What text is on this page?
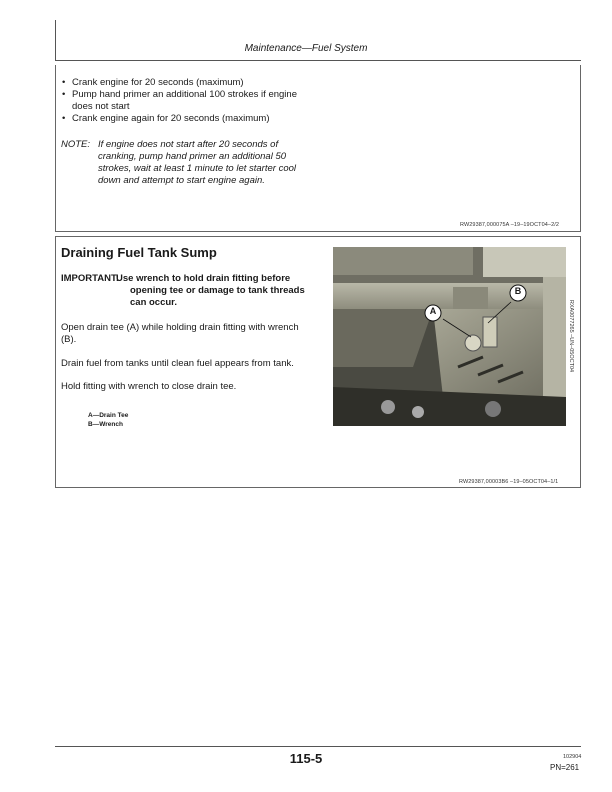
Maintenance—Fuel System
• Crank engine for 20 seconds (maximum)
• Pump hand primer an additional 100 strokes if engine
does not start
• Crank engine again for 20 seconds (maximum)
NOTE: If engine does not start after 20 seconds of
cranking, pump hand primer an additional 50
strokes, wait at least 1 minute to let starter cool
down and attempt to start engine again.
RW29387,000075A –19–19OCT04–2/2
Draining Fuel Tank Sump
IMPORTANT:
Use wrench to hold drain fitting before
opening tee or damage to tank threads
can occur.
Open drain tee (A) while holding drain fitting with wrench
(B).
Drain fuel from tanks until clean fuel appears from tank.
Hold fitting with wrench to close drain tee.
A—Drain Tee
B—Wrench
A
B
RXA0077265 –UN–05OCT04
RW29387,00003B6 –19–05OCT04–1/1
115-5	102904
PN=261
